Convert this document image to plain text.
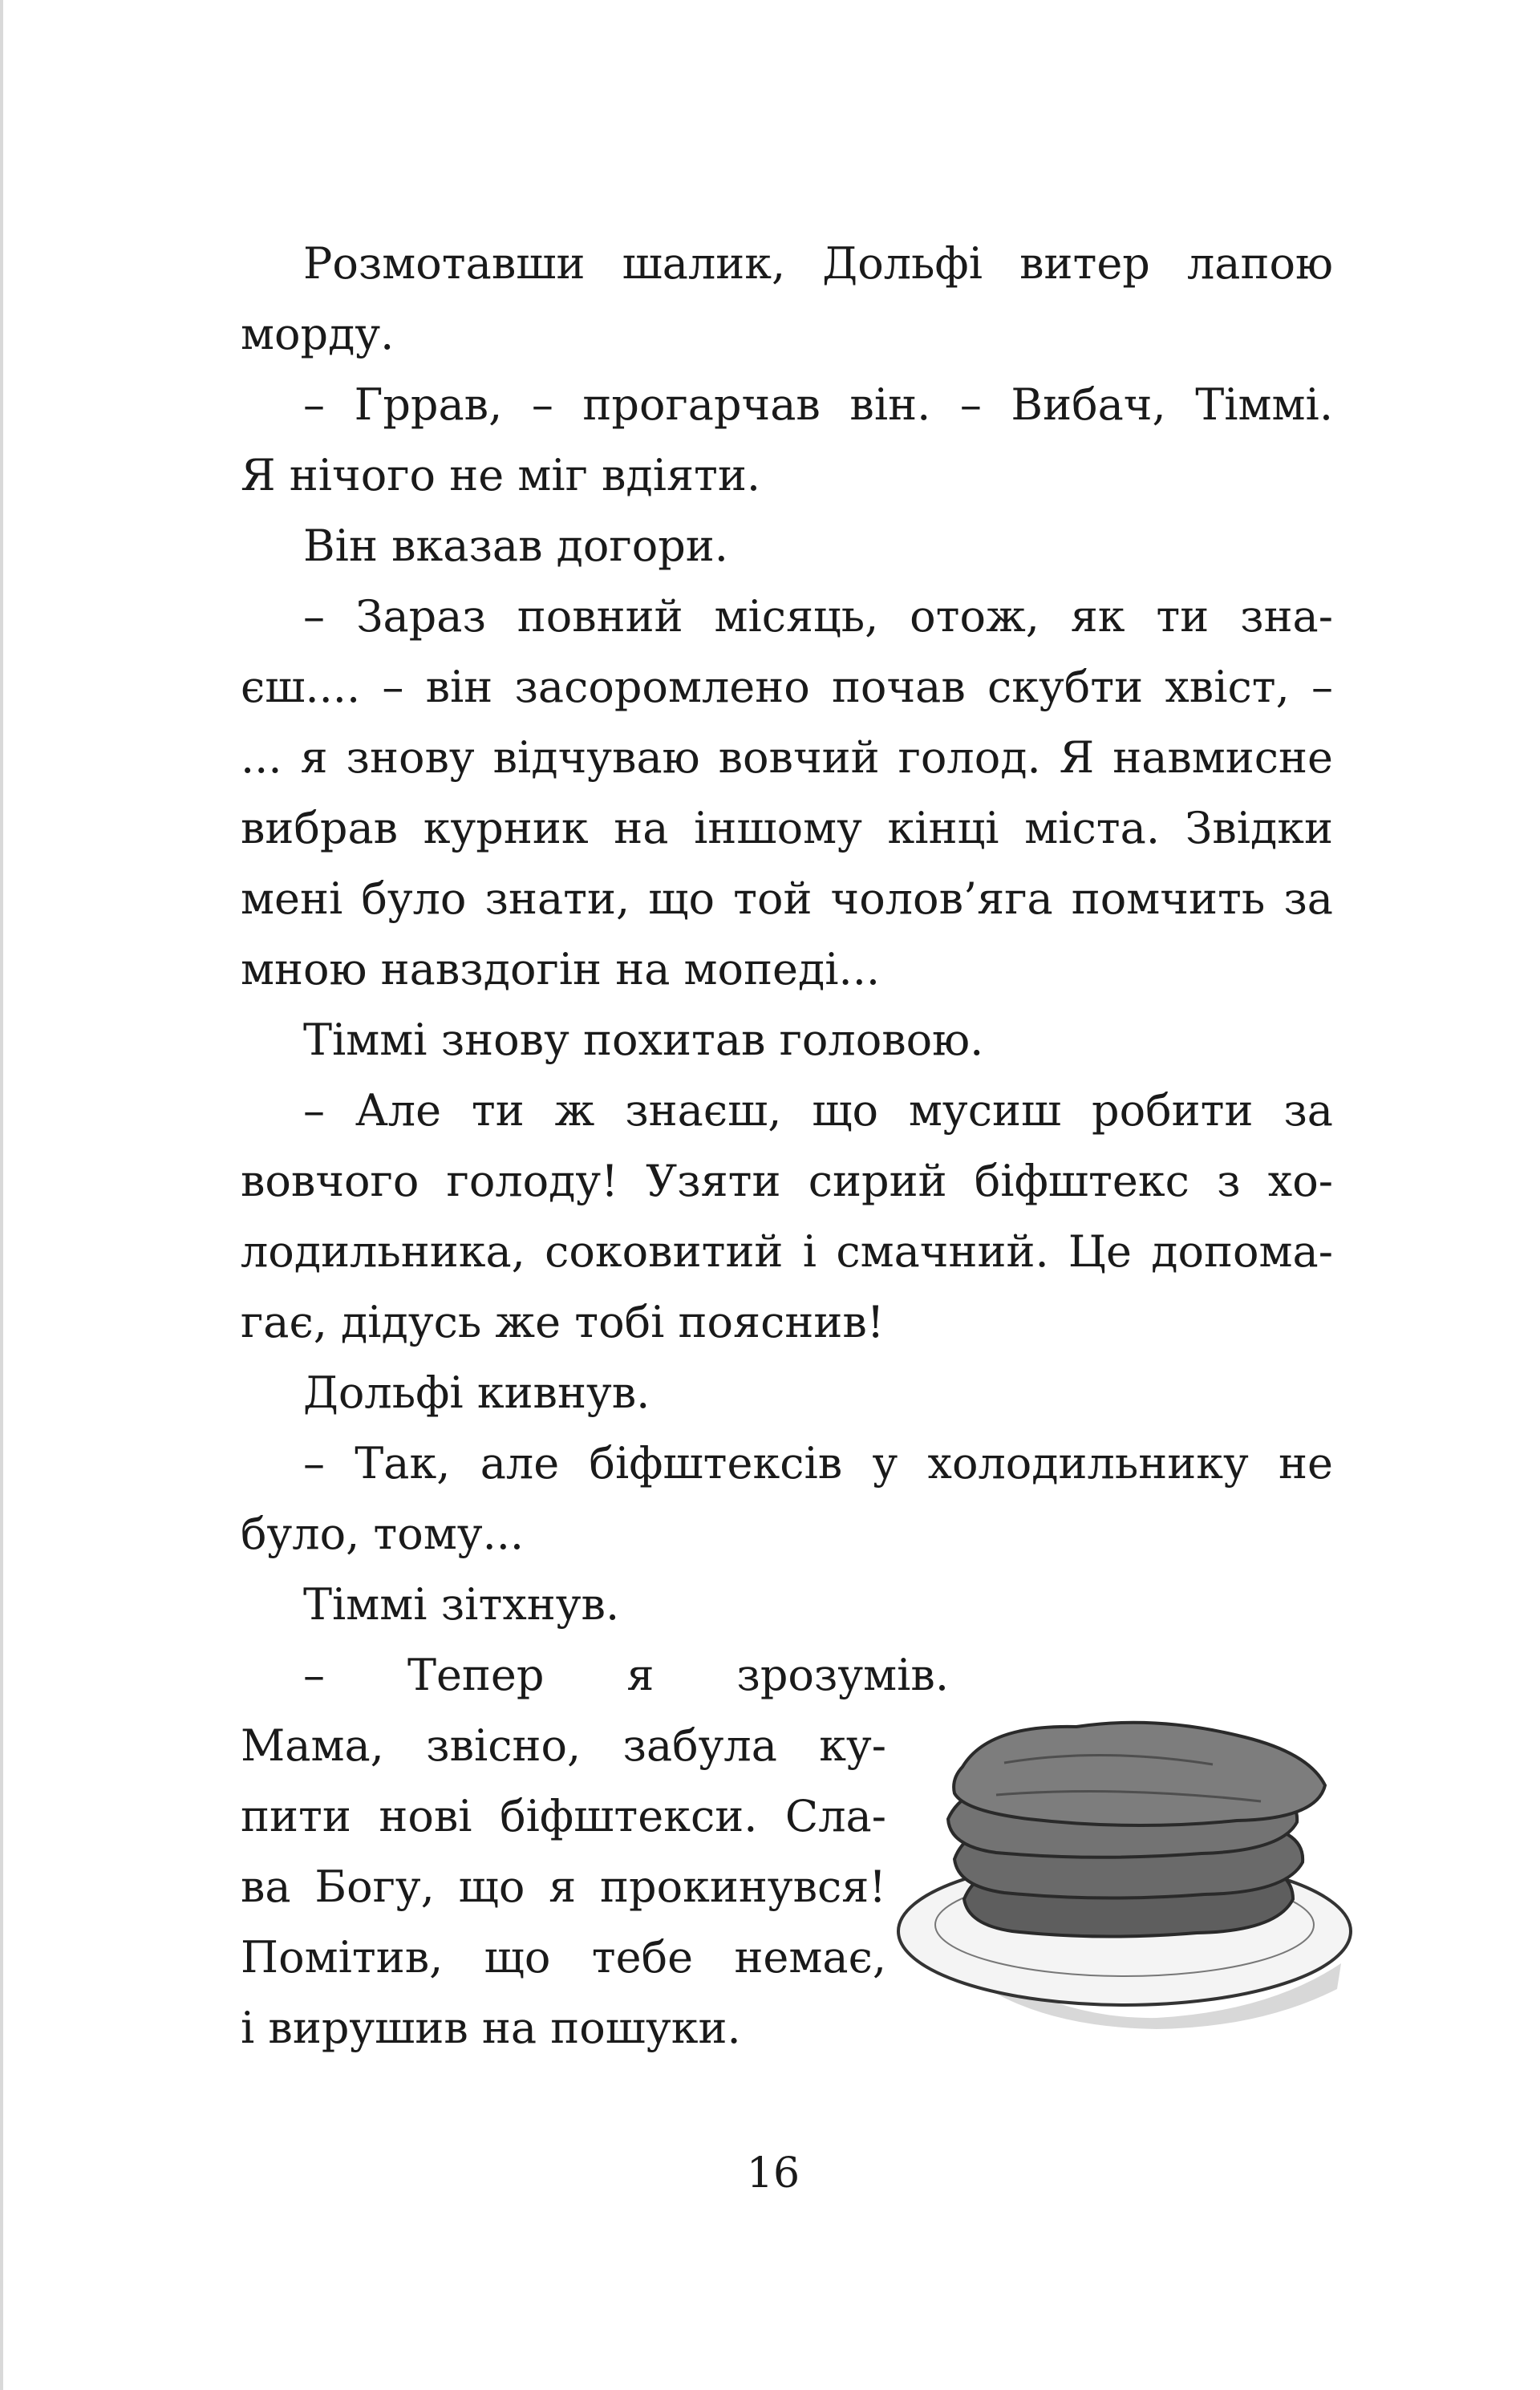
Розмотавши шалик, Дольфі витер лапою
морду.
– Гррав, – прогарчав він. – Вибач, Тіммі.
Я нічого не міг вдіяти.
Він вказав догори.
– Зараз повний місяць, отож, як ти зна-
єш.... – він засоромлено почав скубти хвіст, –
... я знову відчуваю вовчий голод. Я навмисне
вибрав курник на іншому кінці міста. Звідки
мені було знати, що той чолов’яга помчить за
мною навздогін на мопеді...
Тіммі знову похитав головою.
– Але ти ж знаєш, що мусиш робити за
вовчого голоду! Узяти сирий біфштекс з хо-
лодильника, соковитий і смачний. Це допома-
гає, дідусь же тобі пояснив!
Дольфі кивнув.
– Так, але біфштексів у холодильнику не
було, тому...
Тіммі зітхнув.
– Тепер я зрозумів.
Мама, звісно, забула ку-
пити нові біфштекси. Сла-
ва Богу, що я прокинувся!
Помітив, що тебе немає,
і вирушив на пошуки.
16
